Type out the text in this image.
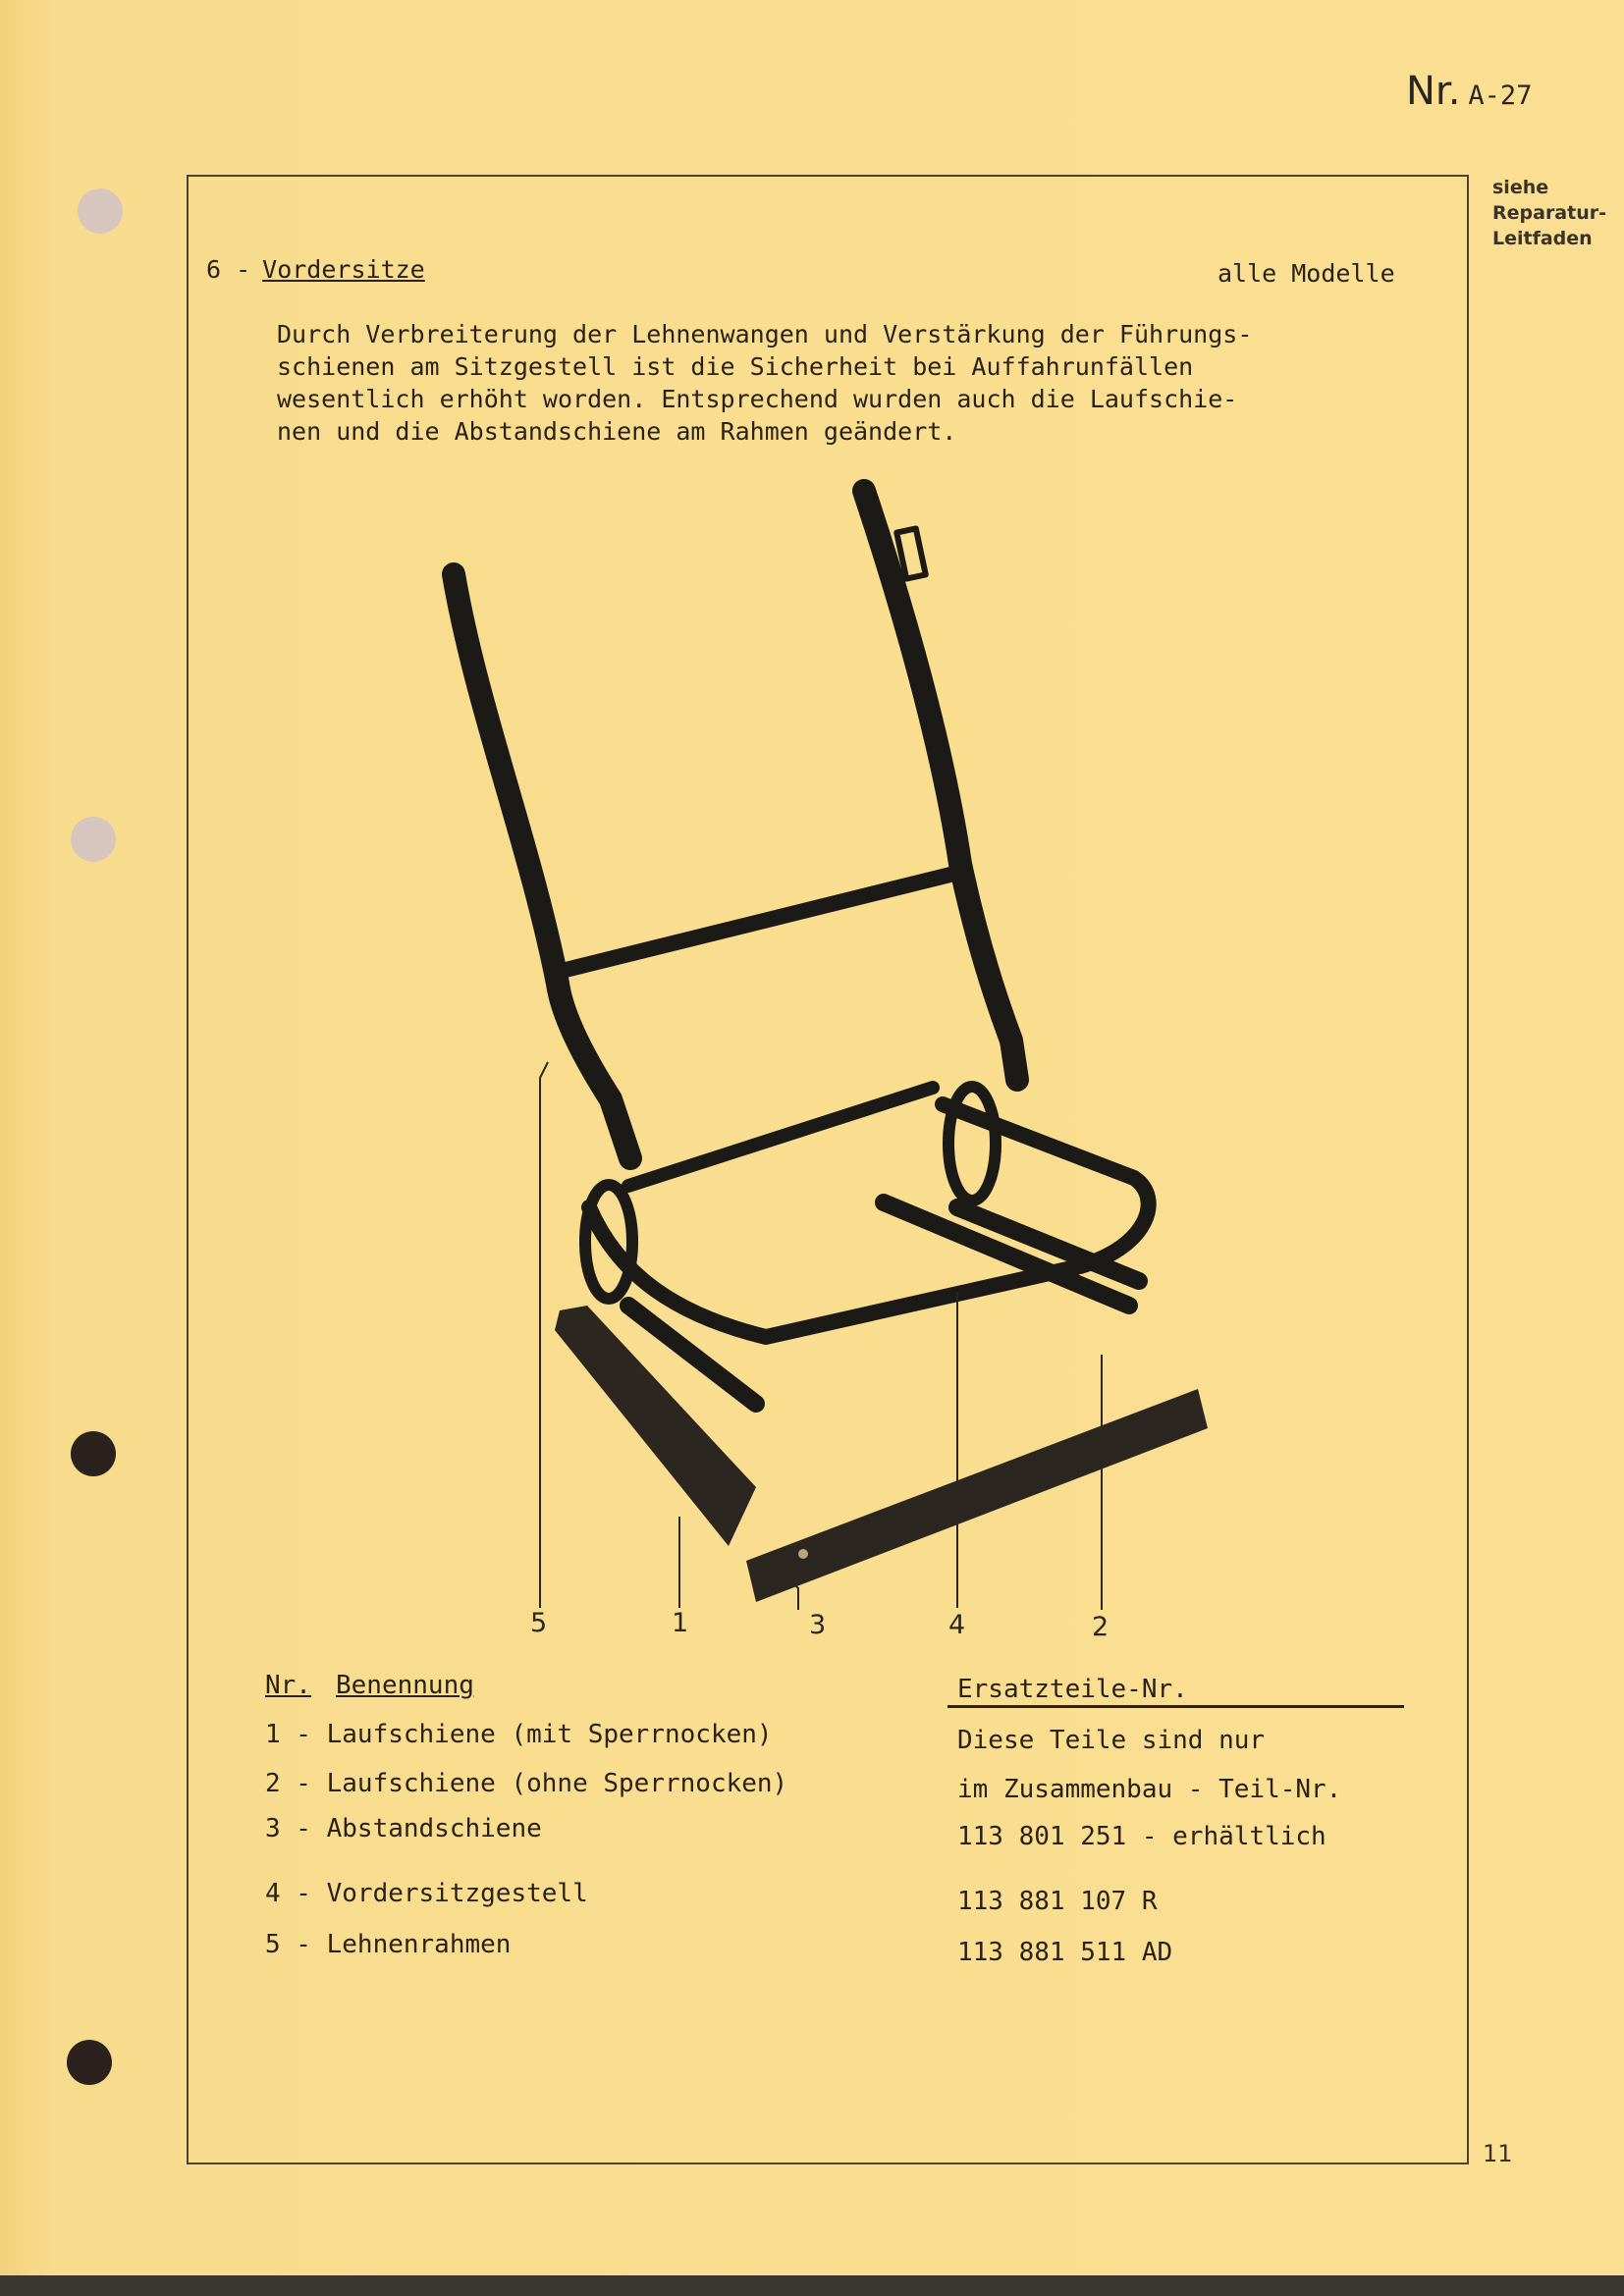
Nr. A-27
siehe
Reparatur-
Leitfaden
6 - Vordersitze	alle Modelle
Durch Verbreiterung der Lehnenwangen und Verstärkung der Führungs-
schienen am Sitzgestell ist die Sicherheit bei Auffahrunfällen
wesentlich erhöht worden. Entsprechend wurden auch die Laufschie-
nen und die Abstandschiene am Rahmen geändert.
5	1	3	4	2
Nr. Benennung	Ersatzteile-Nr.
1 - Laufschiene (mit Sperrnocken)
2 - Laufschiene (ohne Sperrnocken)
3 - Abstandschiene
4 - Vordersitzgestell
5 - Lehnenrahmen
Diese Teile sind nur
im Zusammenbau - Teil-Nr.
113 801 251 - erhältlich
113 881 107 R
113 881 511 AD
11
